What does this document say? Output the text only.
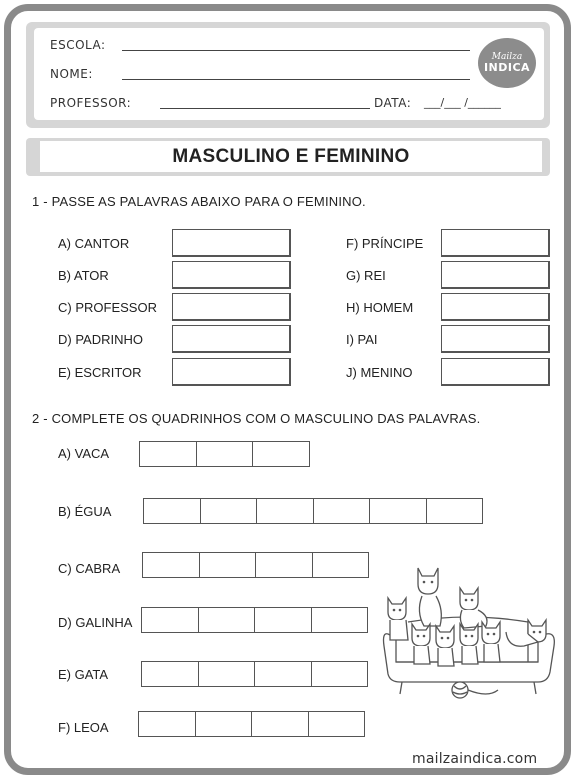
ESCOLA:
NOME:
PROFESSOR:	DATA: ___/___ /______
Mailza
INDICA
MASCULINO E FEMININO
1 - PASSE AS PALAVRAS ABAIXO PARA O FEMININO.
A) CANTOR
B) ATOR
C) PROFESSOR
D) PADRINHO
E) ESCRITOR
F) PRÍNCIPE
G) REI
H) HOMEM
I) PAI
J) MENINO
2 - COMPLETE OS QUADRINHOS COM O MASCULINO DAS PALAVRAS.
A) VACA
B) ÉGUA
C) CABRA
D) GALINHA
E) GATA
F) LEOA
mailzaindica.com
